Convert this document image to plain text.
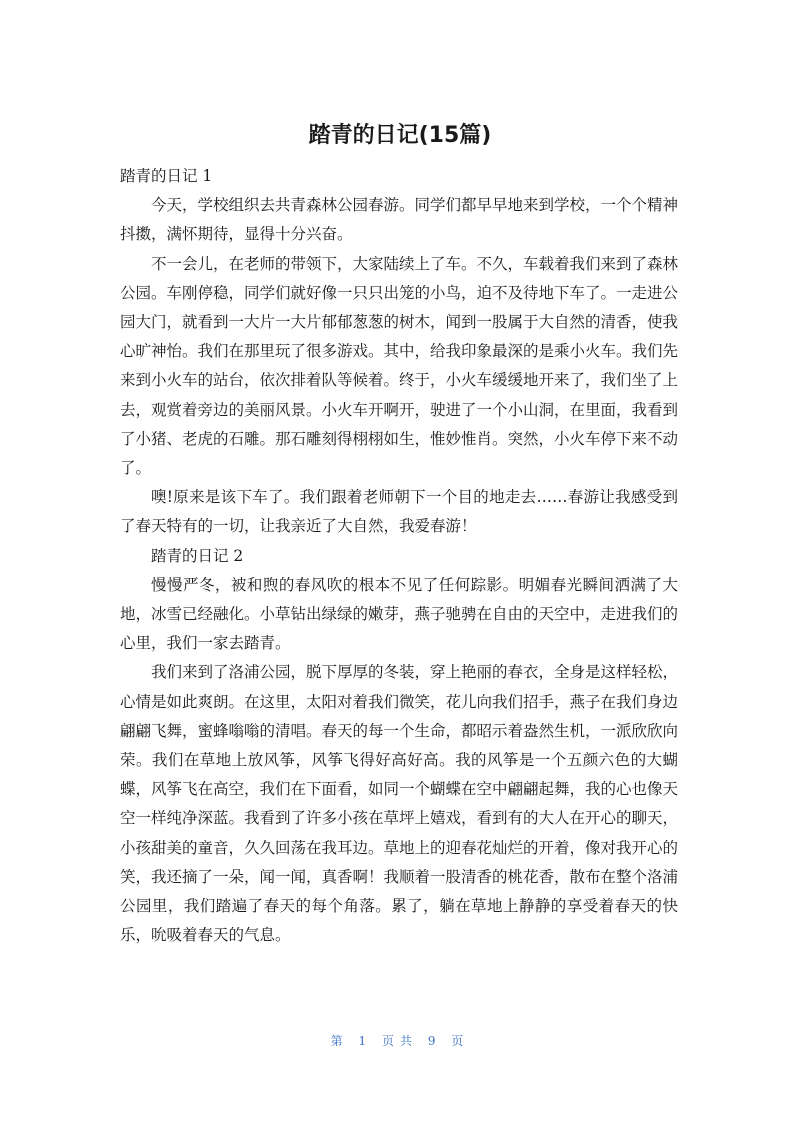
踏青的日记(15篇)

踏青的日记 1

今天，学校组织去共青森林公园春游。同学们都早早地来到学校，一个个精神抖擞，满怀期待，显得十分兴奋。

不一会儿，在老师的带领下，大家陆续上了车。不久，车载着我们来到了森林公园。车刚停稳，同学们就好像一只只出笼的小鸟，迫不及待地下车了。一走进公园大门，就看到一大片一大片郁郁葱葱的树木，闻到一股属于大自然的清香，使我心旷神怡。我们在那里玩了很多游戏。其中，给我印象最深的是乘小火车。我们先来到小火车的站台，依次排着队等候着。终于，小火车缓缓地开来了，我们坐了上去，观赏着旁边的美丽风景。小火车开啊开，驶进了一个小山洞，在里面，我看到了小猪、老虎的石雕。那石雕刻得栩栩如生，惟妙惟肖。突然，小火车停下来不动了。

噢!原来是该下车了。我们跟着老师朝下一个目的地走去……春游让我感受到了春天特有的一切，让我亲近了大自然，我爱春游！

踏青的日记 2

慢慢严冬，被和煦的春风吹的根本不见了任何踪影。明媚春光瞬间洒满了大地，冰雪已经融化。小草钻出绿绿的嫩芽，燕子驰骋在自由的天空中，走进我们的心里，我们一家去踏青。

我们来到了洛浦公园，脱下厚厚的冬装，穿上艳丽的春衣，全身是这样轻松，心情是如此爽朗。在这里，太阳对着我们微笑，花儿向我们招手，燕子在我们身边翩翩飞舞，蜜蜂嗡嗡的清唱。春天的每一个生命，都昭示着盎然生机，一派欣欣向荣。我们在草地上放风筝，风筝飞得好高好高。我的风筝是一个五颜六色的大蝴蝶，风筝飞在高空，我们在下面看，如同一个蝴蝶在空中翩翩起舞，我的心也像天空一样纯净深蓝。我看到了许多小孩在草坪上嬉戏，看到有的大人在开心的聊天，小孩甜美的童音，久久回荡在我耳边。草地上的迎春花灿烂的开着，像对我开心的笑，我还摘了一朵，闻一闻，真香啊！我顺着一股清香的桃花香，散布在整个洛浦公园里，我们踏遍了春天的每个角落。累了，躺在草地上静静的享受着春天的快乐，吮吸着春天的气息。

第 1 页共 9 页
